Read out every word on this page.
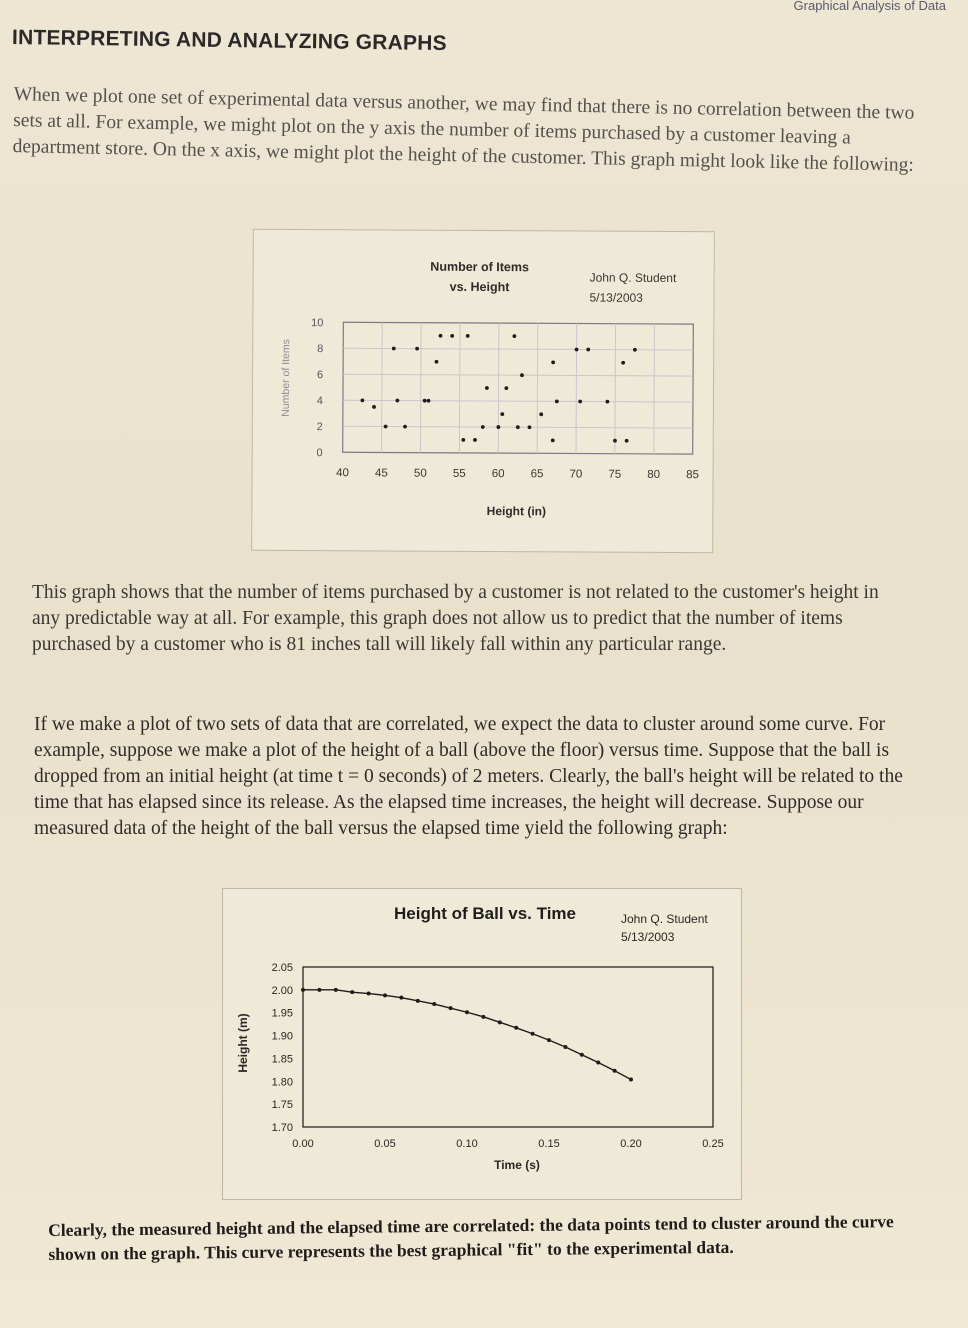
Graphical Analysis of Data
INTERPRETING AND ANALYZING GRAPHS
When we plot one set of experimental data versus another, we may find that there is no correlation between the two sets at all. For example, we might plot on the y axis the number of items purchased by a customer leaving a department store. On the x axis, we might plot the height of the customer. This graph might look like the following:
Number of Items
vs. Height
John Q. Student
5/13/2003
Number of Items
Height (in)
0
2
4
6
8
10
40 45 50 55 60 65 70 75 80 85
This graph shows that the number of items purchased by a customer is not related to the customer's height in any predictable way at all. For example, this graph does not allow us to predict that the number of items purchased by a customer who is 81 inches tall will likely fall within any particular range.
If we make a plot of two sets of data that are correlated, we expect the data to cluster around some curve. For example, suppose we make a plot of the height of a ball (above the floor) versus time. Suppose that the ball is dropped from an initial height (at time t = 0 seconds) of 2 meters. Clearly, the ball's height will be related to the time that has elapsed since its release. As the elapsed time increases, the height will decrease. Suppose our measured data of the height of the ball versus the elapsed time yield the following graph:
Height of Ball vs. Time	John Q. Student
5/13/2003
Height (m)
Time (s)
1.70
1.75
1.80
1.85
1.90
1.95
2.00
2.05
0.00	0.05	0.10	0.15	0.20	0.25
Clearly, the measured height and the elapsed time are correlated: the data points tend to cluster around the curve shown on the graph. This curve represents the best graphical "fit" to the experimental data.
